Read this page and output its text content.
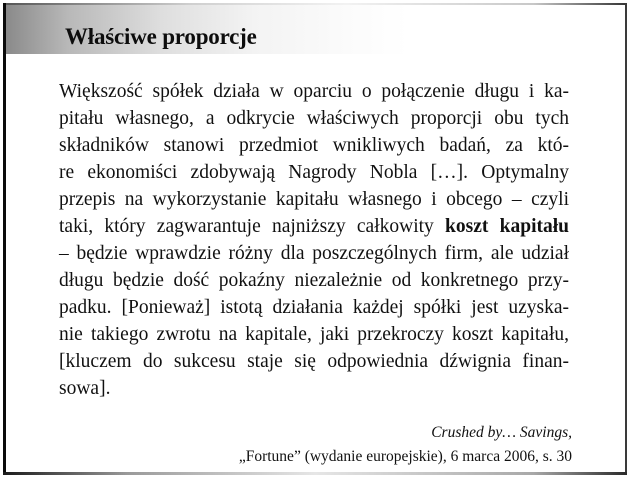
Właściwe proporcje
Większość spółek działa w oparciu o połączenie długu i ka-
pitału własnego, a odkrycie właściwych proporcji obu tych
składników stanowi przedmiot wnikliwych badań, za któ-
re ekonomiści zdobywają Nagrody Nobla […]. Optymalny
przepis na wykorzystanie kapitału własnego i obcego – czyli
taki, który zagwarantuje najniższy całkowity koszt kapitału
– będzie wprawdzie różny dla poszczególnych firm, ale udział
długu będzie dość pokaźny niezależnie od konkretnego przy-
padku. [Ponieważ] istotą działania każdej spółki jest uzyska-
nie takiego zwrotu na kapitale, jaki przekroczy koszt kapitału,
[kluczem do sukcesu staje się odpowiednia dźwignia finan-
sowa].
Crushed by… Savings,
„Fortune” (wydanie europejskie), 6 marca 2006, s. 30
